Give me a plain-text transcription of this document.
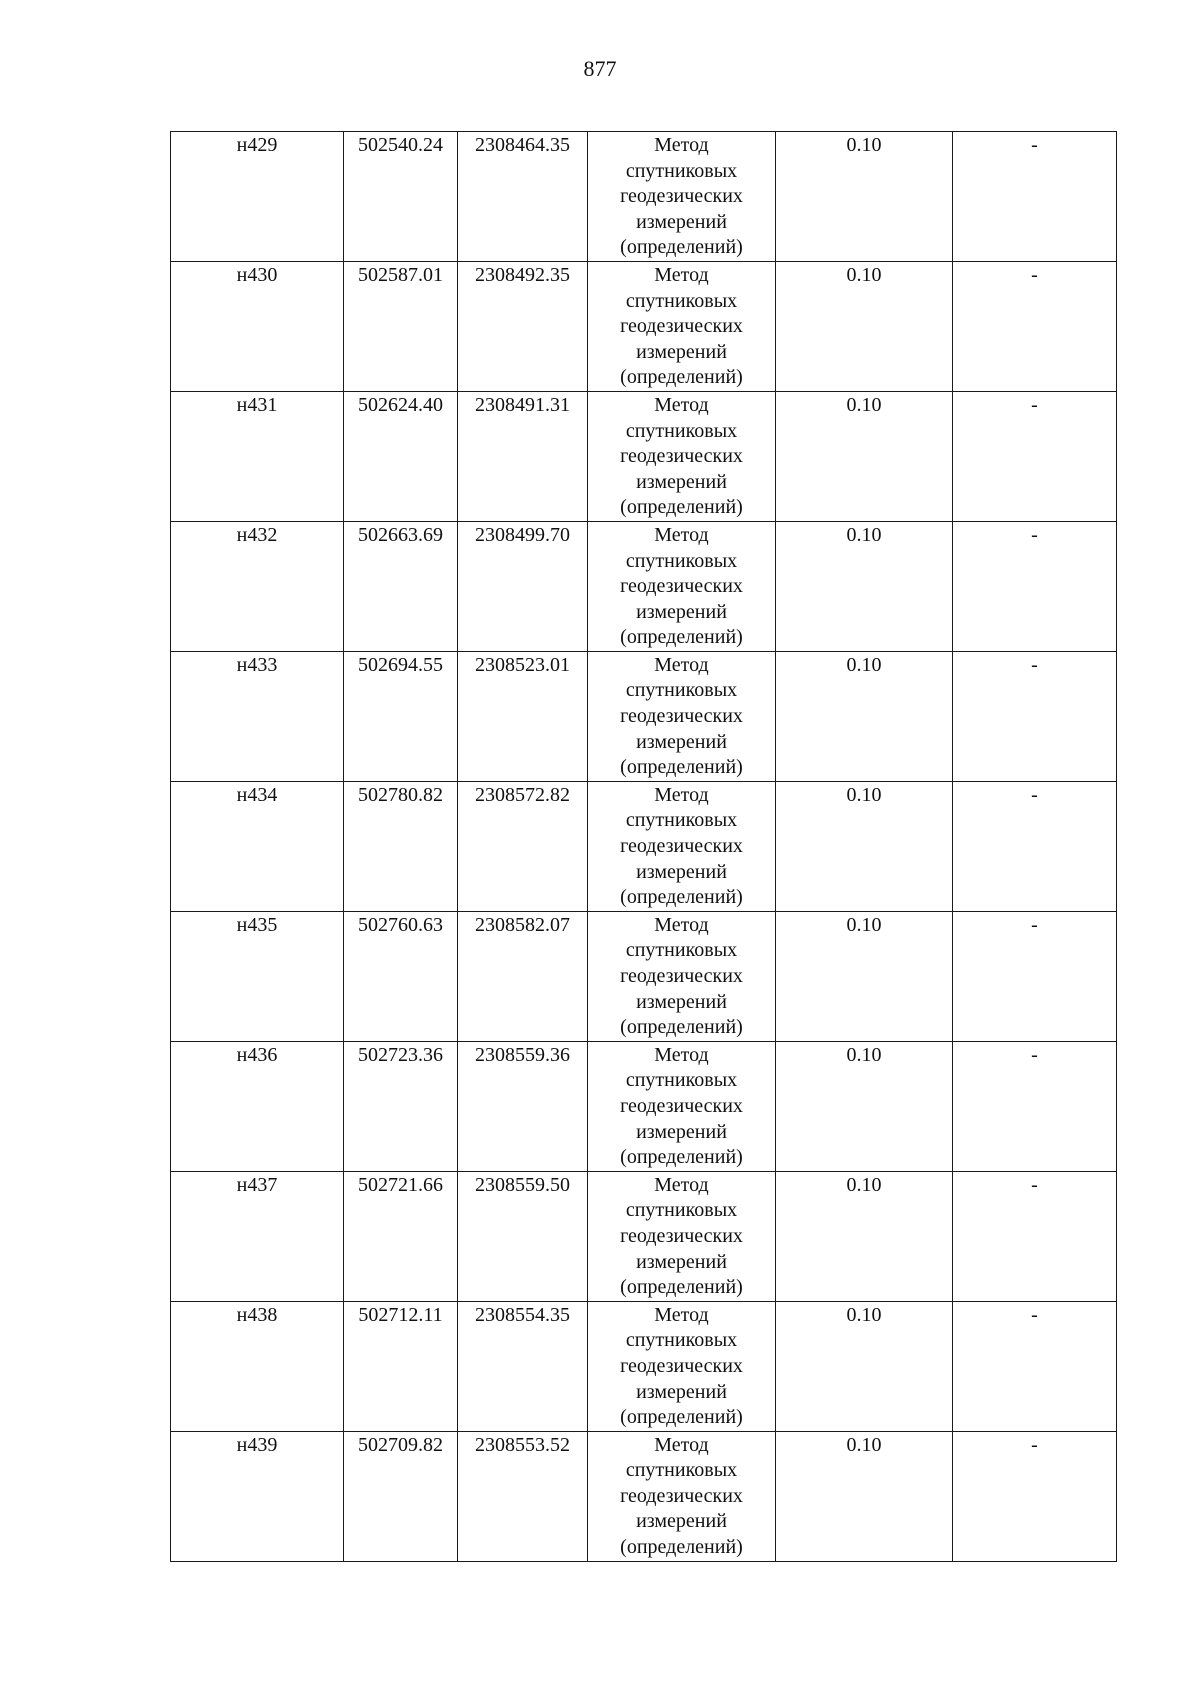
877
н429	502540.24	2308464.35	Метод
спутниковых
геодезических
измерений
(определений)	0.10	-
н430	502587.01	2308492.35	Метод
спутниковых
геодезических
измерений
(определений)	0.10	-
н431	502624.40	2308491.31	Метод
спутниковых
геодезических
измерений
(определений)	0.10	-
н432	502663.69	2308499.70	Метод
спутниковых
геодезических
измерений
(определений)	0.10	-
н433	502694.55	2308523.01	Метод
спутниковых
геодезических
измерений
(определений)	0.10	-
н434	502780.82	2308572.82	Метод
спутниковых
геодезических
измерений
(определений)	0.10	-
н435	502760.63	2308582.07	Метод
спутниковых
геодезических
измерений
(определений)	0.10	-
н436	502723.36	2308559.36	Метод
спутниковых
геодезических
измерений
(определений)	0.10	-
н437	502721.66	2308559.50	Метод
спутниковых
геодезических
измерений
(определений)	0.10	-
н438	502712.11	2308554.35	Метод
спутниковых
геодезических
измерений
(определений)	0.10	-
н439	502709.82	2308553.52	Метод
спутниковых
геодезических
измерений
(определений)	0.10	-
